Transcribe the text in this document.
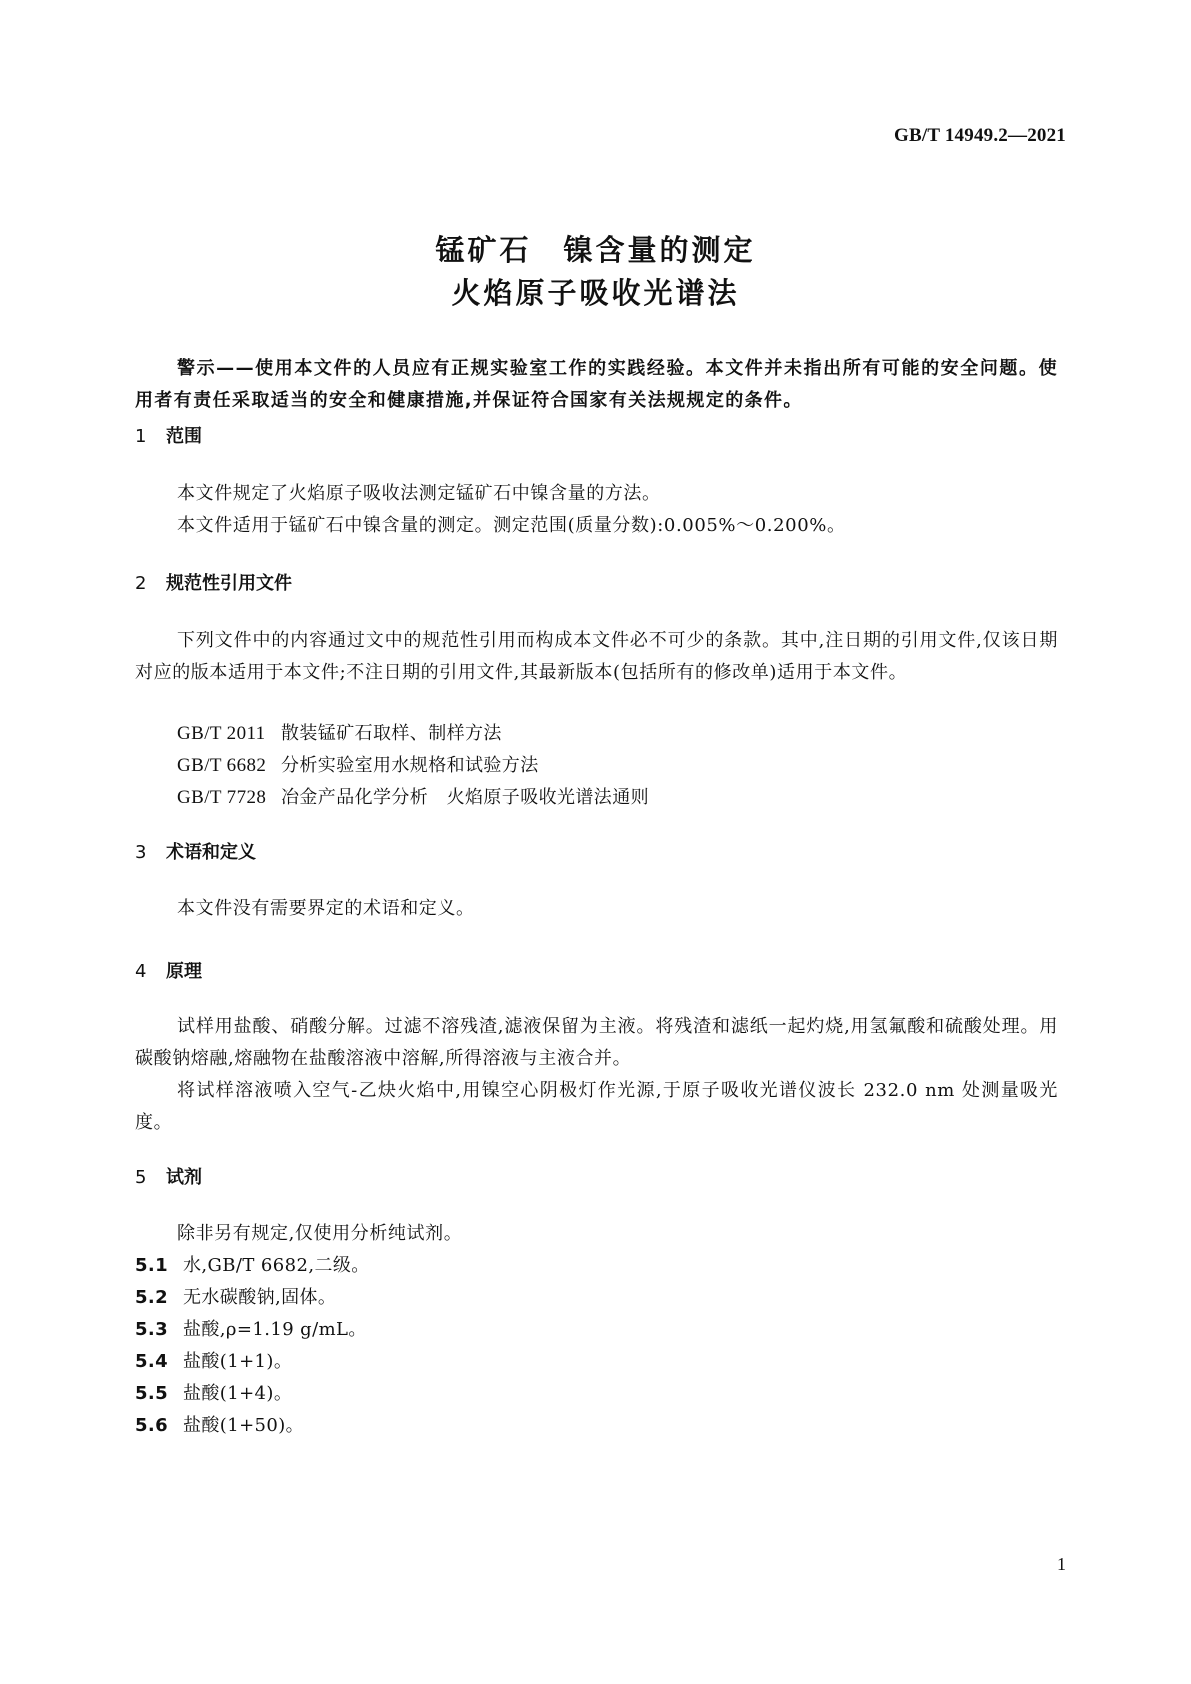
GB/T 14949.2—2021
锰矿石　镍含量的测定
火焰原子吸收光谱法
警示——使用本文件的人员应有正规实验室工作的实践经验。本文件并未指出所有可能的安全问题。使用者有责任采取适当的安全和健康措施,并保证符合国家有关法规规定的条件。
1 范围
本文件规定了火焰原子吸收法测定锰矿石中镍含量的方法。
本文件适用于锰矿石中镍含量的测定。测定范围(质量分数):0.005%～0.200%。
2 规范性引用文件
下列文件中的内容通过文中的规范性引用而构成本文件必不可少的条款。其中,注日期的引用文件,仅该日期对应的版本适用于本文件;不注日期的引用文件,其最新版本(包括所有的修改单)适用于本文件。
GB/T 2011 散装锰矿石取样、制样方法
GB/T 6682 分析实验室用水规格和试验方法
GB/T 7728 冶金产品化学分析　火焰原子吸收光谱法通则
3 术语和定义
本文件没有需要界定的术语和定义。
4 原理
试样用盐酸、硝酸分解。过滤不溶残渣,滤液保留为主液。将残渣和滤纸一起灼烧,用氢氟酸和硫酸处理。用碳酸钠熔融,熔融物在盐酸溶液中溶解,所得溶液与主液合并。
将试样溶液喷入空气-乙炔火焰中,用镍空心阴极灯作光源,于原子吸收光谱仪波长 232.0 nm 处测量吸光度。
5 试剂
除非另有规定,仅使用分析纯试剂。
5.1 水,GB/T 6682,二级。
5.2 无水碳酸钠,固体。
5.3 盐酸,ρ=1.19 g/mL。
5.4 盐酸(1+1)。
5.5 盐酸(1+4)。
5.6 盐酸(1+50)。
1
